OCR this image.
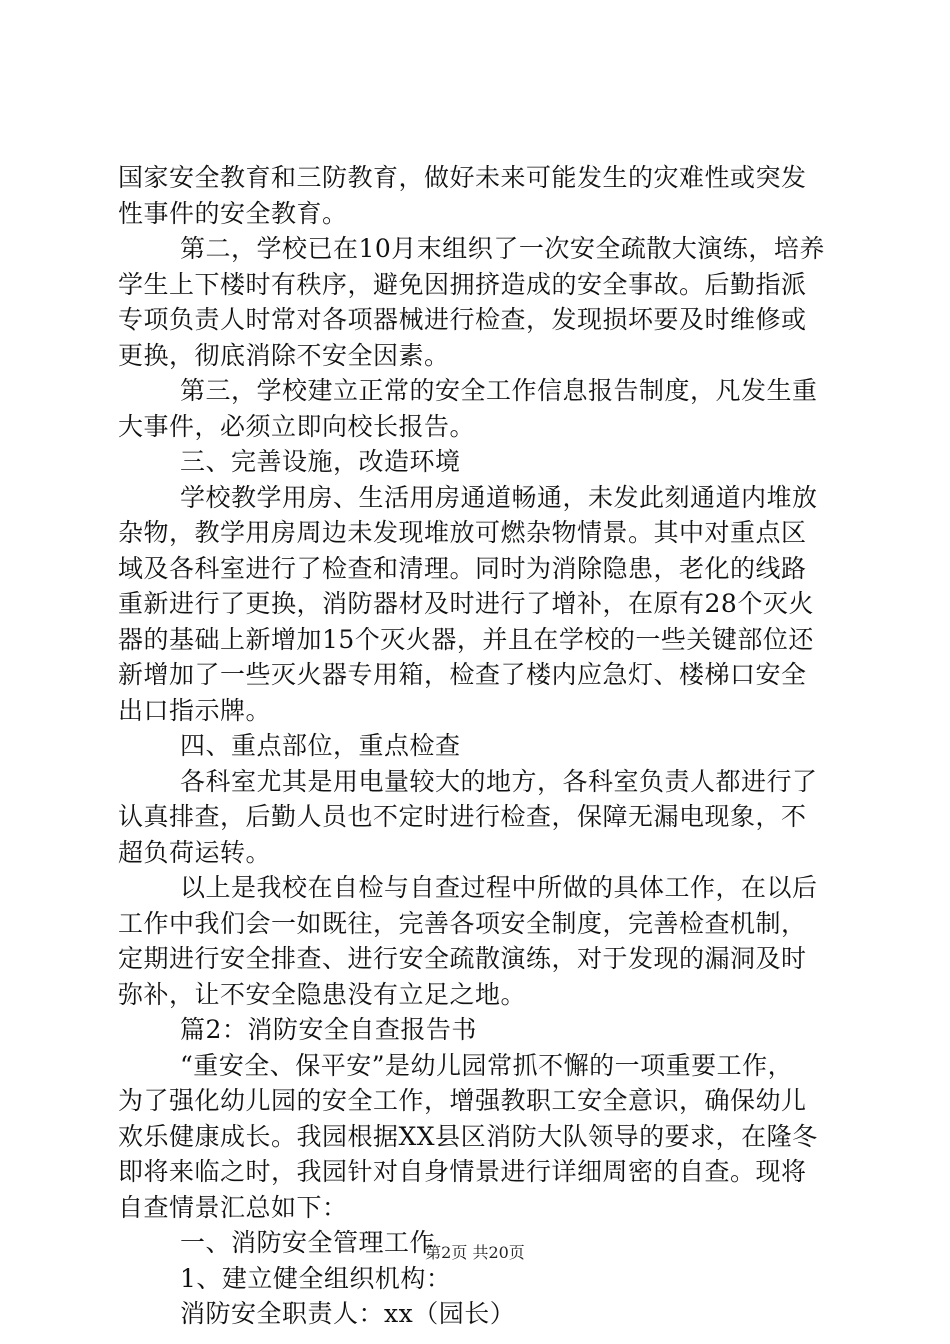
国家安全教育和三防教育，做好未来可能发生的灾难性或突发
性事件的安全教育。
第二，学校已在10月末组织了一次安全疏散大演练，培养
学生上下楼时有秩序，避免因拥挤造成的安全事故。后勤指派
专项负责人时常对各项器械进行检查，发现损坏要及时维修或
更换，彻底消除不安全因素。
第三，学校建立正常的安全工作信息报告制度，凡发生重
大事件，必须立即向校长报告。
三、完善设施，改造环境
学校教学用房、生活用房通道畅通，未发此刻通道内堆放
杂物，教学用房周边未发现堆放可燃杂物情景。其中对重点区
域及各科室进行了检查和清理。同时为消除隐患，老化的线路
重新进行了更换，消防器材及时进行了增补，在原有28个灭火
器的基础上新增加15个灭火器，并且在学校的一些关键部位还
新增加了一些灭火器专用箱，检查了楼内应急灯、楼梯口安全
出口指示牌。
四、重点部位，重点检查
各科室尤其是用电量较大的地方，各科室负责人都进行了
认真排查，后勤人员也不定时进行检查，保障无漏电现象，不
超负荷运转。
以上是我校在自检与自查过程中所做的具体工作，在以后
工作中我们会一如既往，完善各项安全制度，完善检查机制，
定期进行安全排查、进行安全疏散演练，对于发现的漏洞及时
弥补，让不安全隐患没有立足之地。
篇2：消防安全自查报告书
“重安全、保平安”是幼儿园常抓不懈的一项重要工作，
为了强化幼儿园的安全工作，增强教职工安全意识，确保幼儿
欢乐健康成长。我园根据XX县区消防大队领导的要求，在隆冬
即将来临之时，我园针对自身情景进行详细周密的自查。现将
自查情景汇总如下：
一、消防安全管理工作
1、建立健全组织机构：
消防安全职责人：xx（园长）
第2页 共20页
